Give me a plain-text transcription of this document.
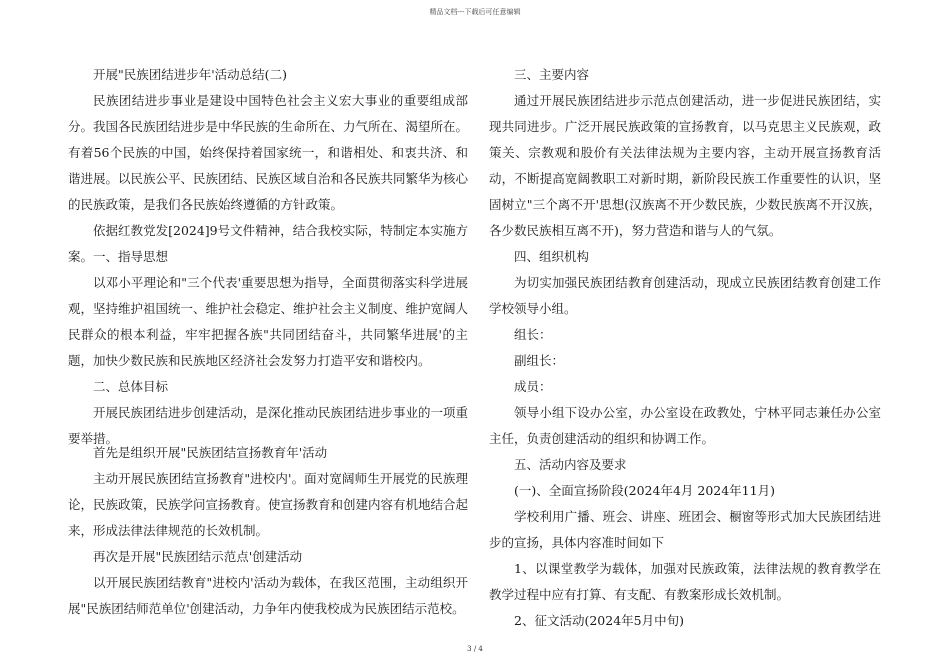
精品文档---下载后可任意编辑

开展"民族团结进步年'活动总结(二)

民族团结进步事业是建设中国特色社会主义宏大事业的重要组成部分。我国各民族团结进步是中华民族的生命所在、力气所在、渴望所在。有着56个民族的中国，始终保持着国家统一，和谐相处、和衷共济、和谐进展。以民族公平、民族团结、民族区域自治和各民族共同繁华为核心的民族政策，是我们各民族始终遵循的方针政策。

依据红教党发[2024]9号文件精神，结合我校实际，特制定本实施方案。 一、指导思想

以邓小平理论和"三个代表'重要思想为指导，全面贯彻落实科学进展观，坚持维护祖国统一、维护社会稳定、维护社会主义制度、维护宽阔人民群众的根本利益，牢牢把握各族"共同团结奋斗，共同繁华进展'的主题，加快少数民族和民族地区经济社会发努力打造平安和谐校内。

二、总体目标

开展民族团结进步创建活动，是深化推动民族团结进步事业的一项重要举措。

首先是组织开展"民族团结宣扬教育年'活动

主动开展民族团结宣扬教育"进校内'。面对宽阔师生开展党的民族理论，民族政策，民族学问宣扬教育。使宣扬教育和创建内容有机地结合起来，形成法律法律规范的长效机制。

再次是开展"民族团结示范点'创建活动

以开展民族团结教育"进校内'活动为载体，在我区范围，主动组织开展"民族团结师范单位'创建活动，力争年内使我校成为民族团结示范校。

三、主要内容

通过开展民族团结进步示范点创建活动，进一步促进民族团结，实现共同进步。广泛开展民族政策的宣扬教育，以马克思主义民族观，政策关、宗教观和股价有关法律法规为主要内容，主动开展宣扬教育活动，不断提高宽阔教职工对新时期，新阶段民族工作重要性的认识，坚固树立"三个离不开'思想(汉族离不开少数民族，少数民族离不开汉族，各少数民族相互离不开)，努力营造和谐与人的气氛。

四、组织机构

为切实加强民族团结教育创建活动，现成立民族团结教育创建工作学校领导小组。

组长：

副组长：

成员：

领导小组下设办公室，办公室设在政教处，宁林平同志兼任办公室主任，负责创建活动的组织和协调工作。

五、活动内容及要求

(一)、全面宣扬阶段(2024年4月 2024年11月)

学校利用广播、班会、讲座、班团会、橱窗等形式加大民族团结进步的宣扬，具体内容准时间如下

1、以课堂教学为载体，加强对民族政策，法律法规的教育教学在教学过程中应有打算、有支配、有教案形成长效机制。

2、征文活动(2024年5月中旬)

3 / 4
